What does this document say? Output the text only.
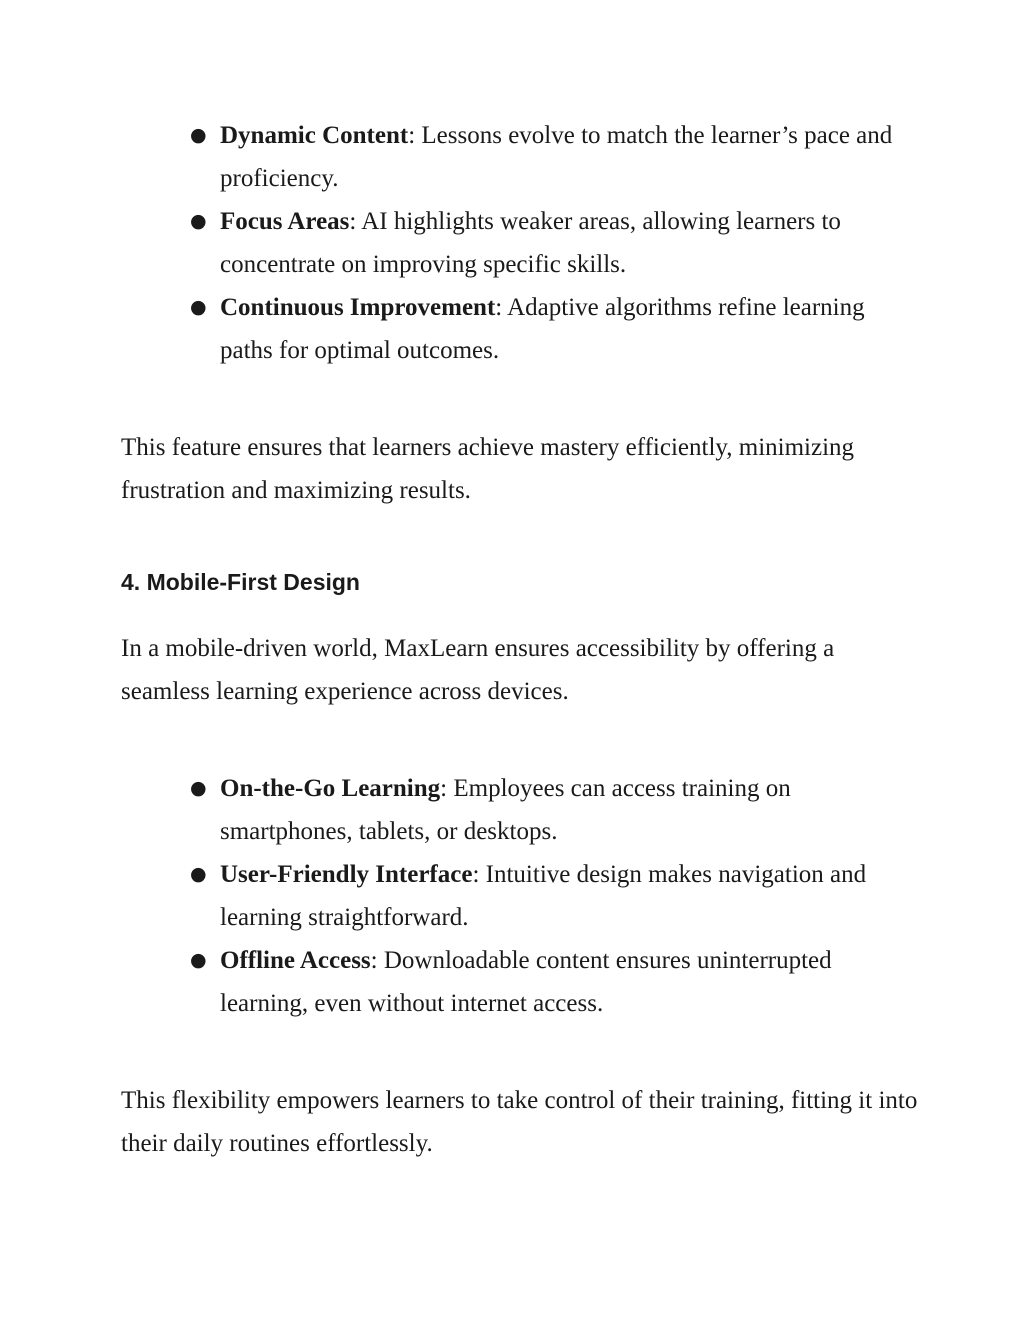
● Dynamic Content: Lessons evolve to match the learner’s pace and proficiency.
● Focus Areas: AI highlights weaker areas, allowing learners to concentrate on improving specific skills.
● Continuous Improvement: Adaptive algorithms refine learning paths for optimal outcomes.

This feature ensures that learners achieve mastery efficiently, minimizing frustration and maximizing results.

4. Mobile-First Design

In a mobile-driven world, MaxLearn ensures accessibility by offering a seamless learning experience across devices.

● On-the-Go Learning: Employees can access training on smartphones, tablets, or desktops.
● User-Friendly Interface: Intuitive design makes navigation and learning straightforward.
● Offline Access: Downloadable content ensures uninterrupted learning, even without internet access.

This flexibility empowers learners to take control of their training, fitting it into their daily routines effortlessly.
